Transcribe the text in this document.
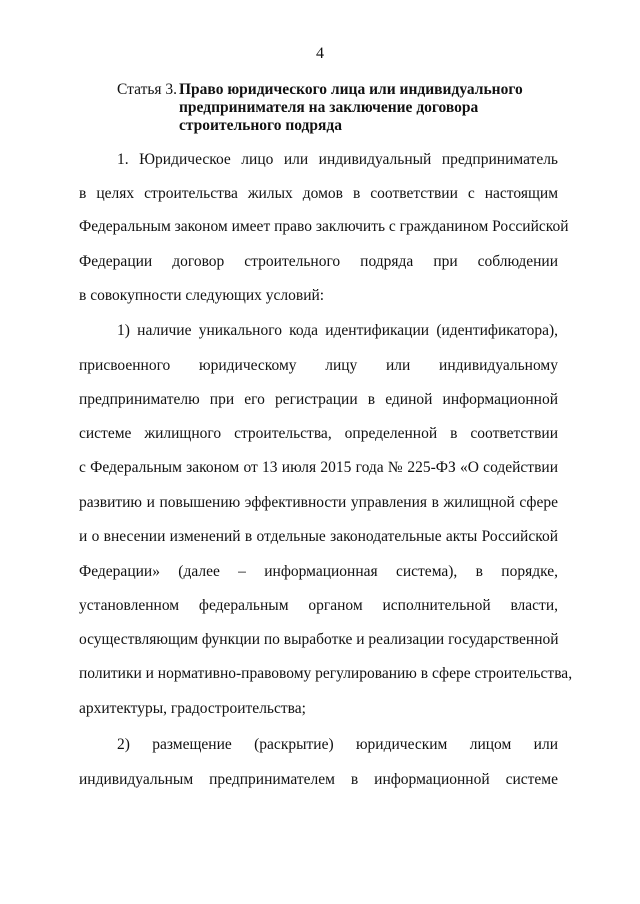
4
Статья 3. Право юридического лица или индивидуального
предпринимателя на заключение договора
строительного подряда
1. Юридическое лицо или индивидуальный предприниматель
в целях строительства жилых домов в соответствии с настоящим
Федеральным законом имеет право заключить с гражданином Российской
Федерации договор строительного подряда при соблюдении
в совокупности следующих условий:
1) наличие уникального кода идентификации (идентификатора),
присвоенного юридическому лицу или индивидуальному
предпринимателю при его регистрации в единой информационной
системе жилищного строительства, определенной в соответствии
с Федеральным законом от 13 июля 2015 года № 225-ФЗ «О содействии
развитию и повышению эффективности управления в жилищной сфере
и о внесении изменений в отдельные законодательные акты Российской
Федерации» (далее – информационная система), в порядке,
установленном федеральным органом исполнительной власти,
осуществляющим функции по выработке и реализации государственной
политики и нормативно-правовому регулированию в сфере строительства,
архитектуры, градостроительства;
2) размещение (раскрытие) юридическим лицом или
индивидуальным предпринимателем в информационной системе
